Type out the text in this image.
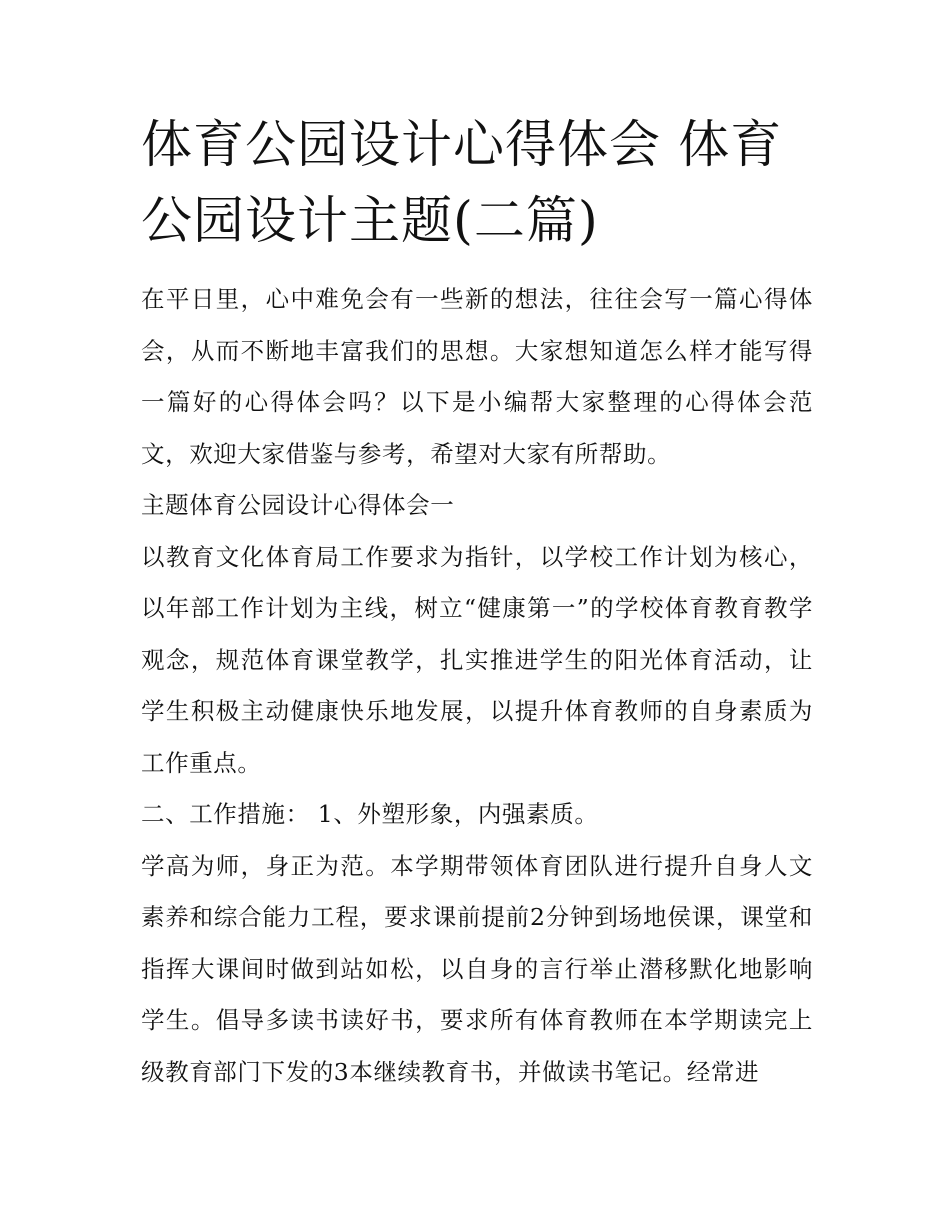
体育公园设计心得体会 体育公园设计主题(二篇)

在平日里，心中难免会有一些新的想法，往往会写一篇心得体会，从而不断地丰富我们的思想。大家想知道怎么样才能写得一篇好的心得体会吗？以下是小编帮大家整理的心得体会范文，欢迎大家借鉴与参考，希望对大家有所帮助。

主题体育公园设计心得体会一

以教育文化体育局工作要求为指针，以学校工作计划为核心，以年部工作计划为主线，树立“健康第一”的学校体育教育教学观念，规范体育课堂教学，扎实推进学生的阳光体育活动，让学生积极主动健康快乐地发展，以提升体育教师的自身素质为工作重点。

二、工作措施： 1、外塑形象，内强素质。

学高为师，身正为范。本学期带领体育团队进行提升自身人文素养和综合能力工程，要求课前提前2分钟到场地侯课，课堂和指挥大课间时做到站如松，以自身的言行举止潜移默化地影响学生。倡导多读书读好书，要求所有体育教师在本学期读完上级教育部门下发的3本继续教育书，并做读书笔记。经常进
